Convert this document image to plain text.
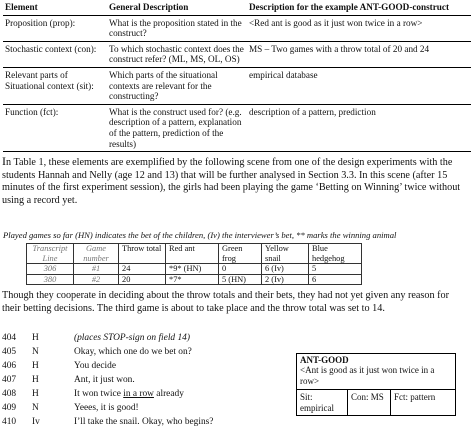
Element	General Description	Description for the example ANT-GOOD-construct
Proposition (prop):	What is the proposition stated in the construct?	<Red ant is good as it just won twice in a row>
Stochastic context (con):	To which stochastic context does the construct refer? (ML, MS, OL, OS)	MS – Two games with a throw total of 20 and 24
Relevant parts of Situational context (sit):	Which parts of the situational contexts are relevant for the constructing?	empirical database
Function (fct):	What is the construct used for? (e.g. description of a pattern, explanation of the pattern, prediction of the results)	description of a pattern, prediction

In Table 1, these elements are exemplified by the following scene from one of the design experiments with the students Hannah and Nelly (age 12 and 13) that will be further analysed in Section 3.3. In this scene (after 15 minutes of the first experiment session), the girls had been playing the game ‘Betting on Winning’ twice without using a record yet.

Played games so far (HN) indicates the bet of the children, (Iv) the interviewer’s bet, ** marks the winning animal
Transcript Line	Game number	Throw total	Red ant	Green frog	Yellow snail	Blue hedgehog
306	#1	24	*9* (HN)	0	6 (Iv)	5
380	#2	20	*7*	5 (HN)	2 (Iv)	6

Though they cooperate in deciding about the throw totals and their bets, they had not yet given any reason for their betting decisions. The third game is about to take place and the throw total was set to 14.

404 H	(places STOP-sign on field 14)
405 N	Okay, which one do we bet on?
406 H	You decide
407 H	Ant, it just won.
408 H	It won twice in a row already
409 N	Yeees, it is good!
410 Iv	I’ll take the snail. Okay, who begins?
ANT-GOOD
<Ant is good as it just won twice in a row>
Sit: empirical
Con: MS	Fct: pattern
